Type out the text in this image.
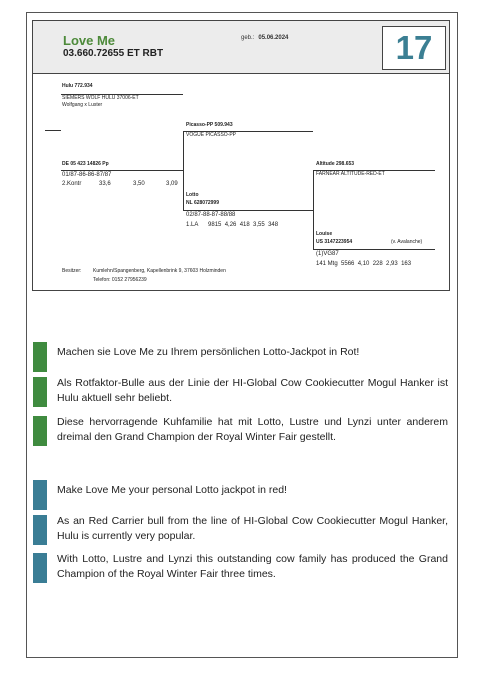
Love Me
03.660.72655 ET RBT
geb.: 05.06.2024	17
Hulu 772.934
SIEMERS WOLF HULU 37006-ET
Wolfgang x Luster
Picasso-PP 509.943
VOGUE PICASSO-PP
DE 05 423 14826 Pp
01/87-86-86-87/87
2.Kontr	33,6	3,50	3,09
Altitude 298.653
FARNEAR ALTITUDE-RED-ET
Lotto
NL 628072999
02/87-88-87-88/88
1.LA      9815  4,26  418  3,55  348
Louise
US 3147223954	(v. Avalanche)
(1)VG87
141 Mtg  5566  4,10  228  2,93  163
Besitzer: Kumlehn/Spangenberg, Kapellenbrink 9, 37603 Holzminden
Telefon: 0152 27956239
Machen sie Love Me zu Ihrem persönlichen Lotto-Jackpot in Rot!
Als Rotfaktor-Bulle aus der Linie der HI-Global Cow Cookiecutter Mogul Hanker ist Hulu aktuell sehr beliebt.
Diese hervorragende Kuhfamilie hat mit Lotto, Lustre und Lynzi unter anderem dreimal den Grand Champion der Royal Winter Fair gestellt.
Make Love Me your personal Lotto jackpot in red!
As an Red Carrier bull from the line of HI-Global Cow Cookiecutter Mogul Hanker, Hulu is currently very popular.
With Lotto, Lustre and Lynzi this outstanding cow family has produced the Grand Champion of the Royal Winter Fair three times.
